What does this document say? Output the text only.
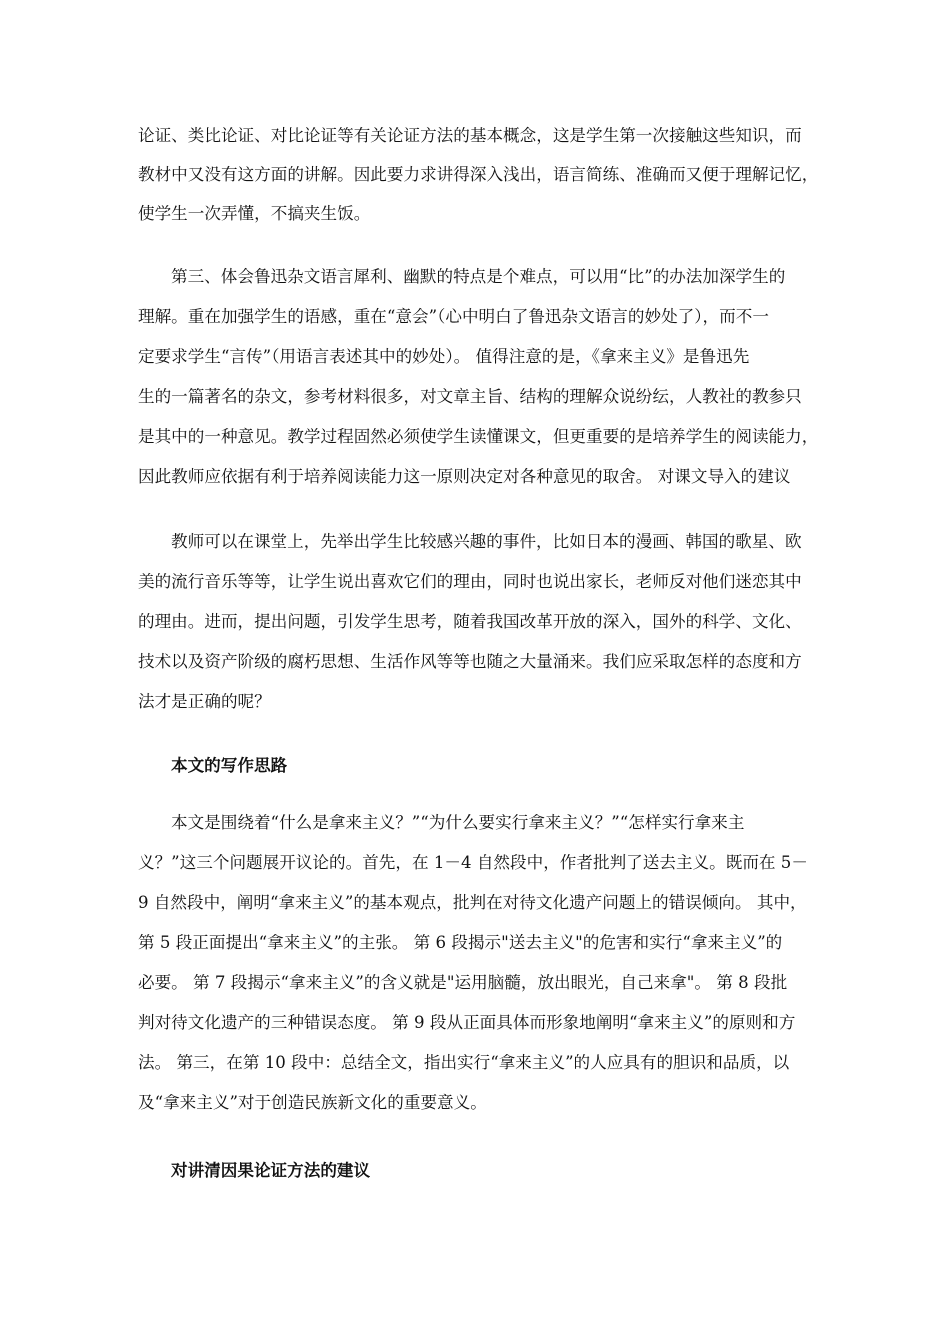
论证、类比论证、对比论证等有关论证方法的基本概念，这是学生第一次接触这些知识，而
教材中又没有这方面的讲解。因此要力求讲得深入浅出，语言简练、准确而又便于理解记忆，
使学生一次弄懂，不搞夹生饭。
第三、体会鲁迅杂文语言犀利、幽默的特点是个难点，可以用“比”的办法加深学生的
理解。重在加强学生的语感，重在“意会”（心中明白了鲁迅杂文语言的妙处了），而不一
定要求学生“言传”（用语言表述其中的妙处）。 值得注意的是，《拿来主义》是鲁迅先
生的一篇著名的杂文，参考材料很多，对文章主旨、结构的理解众说纷纭，人教社的教参只
是其中的一种意见。教学过程固然必须使学生读懂课文，但更重要的是培养学生的阅读能力，
因此教师应依据有利于培养阅读能力这一原则决定对各种意见的取舍。 对课文导入的建议
教师可以在课堂上，先举出学生比较感兴趣的事件，比如日本的漫画、韩国的歌星、欧
美的流行音乐等等，让学生说出喜欢它们的理由，同时也说出家长，老师反对他们迷恋其中
的理由。进而，提出问题，引发学生思考，随着我国改革开放的深入，国外的科学、文化、
技术以及资产阶级的腐朽思想、生活作风等等也随之大量涌来。我们应采取怎样的态度和方
法才是正确的呢？
本文的写作思路
本文是围绕着“什么是拿来主义？”“为什么要实行拿来主义？”“怎样实行拿来主
义？”这三个问题展开议论的。首先，在 1－4 自然段中，作者批判了送去主义。既而在 5－
9 自然段中，阐明“拿来主义”的基本观点，批判在对待文化遗产问题上的错误倾向。 其中，
第 5 段正面提出“拿来主义”的主张。 第 6 段揭示"送去主义"的危害和实行“拿来主义”的
必要。 第 7 段揭示“拿来主义”的含义就是"运用脑髓，放出眼光，自己来拿"。 第 8 段批
判对待文化遗产的三种错误态度。 第 9 段从正面具体而形象地阐明“拿来主义”的原则和方
法。 第三，在第 10 段中：总结全文，指出实行“拿来主义”的人应具有的胆识和品质，以
及“拿来主义”对于创造民族新文化的重要意义。
对讲清因果论证方法的建议
